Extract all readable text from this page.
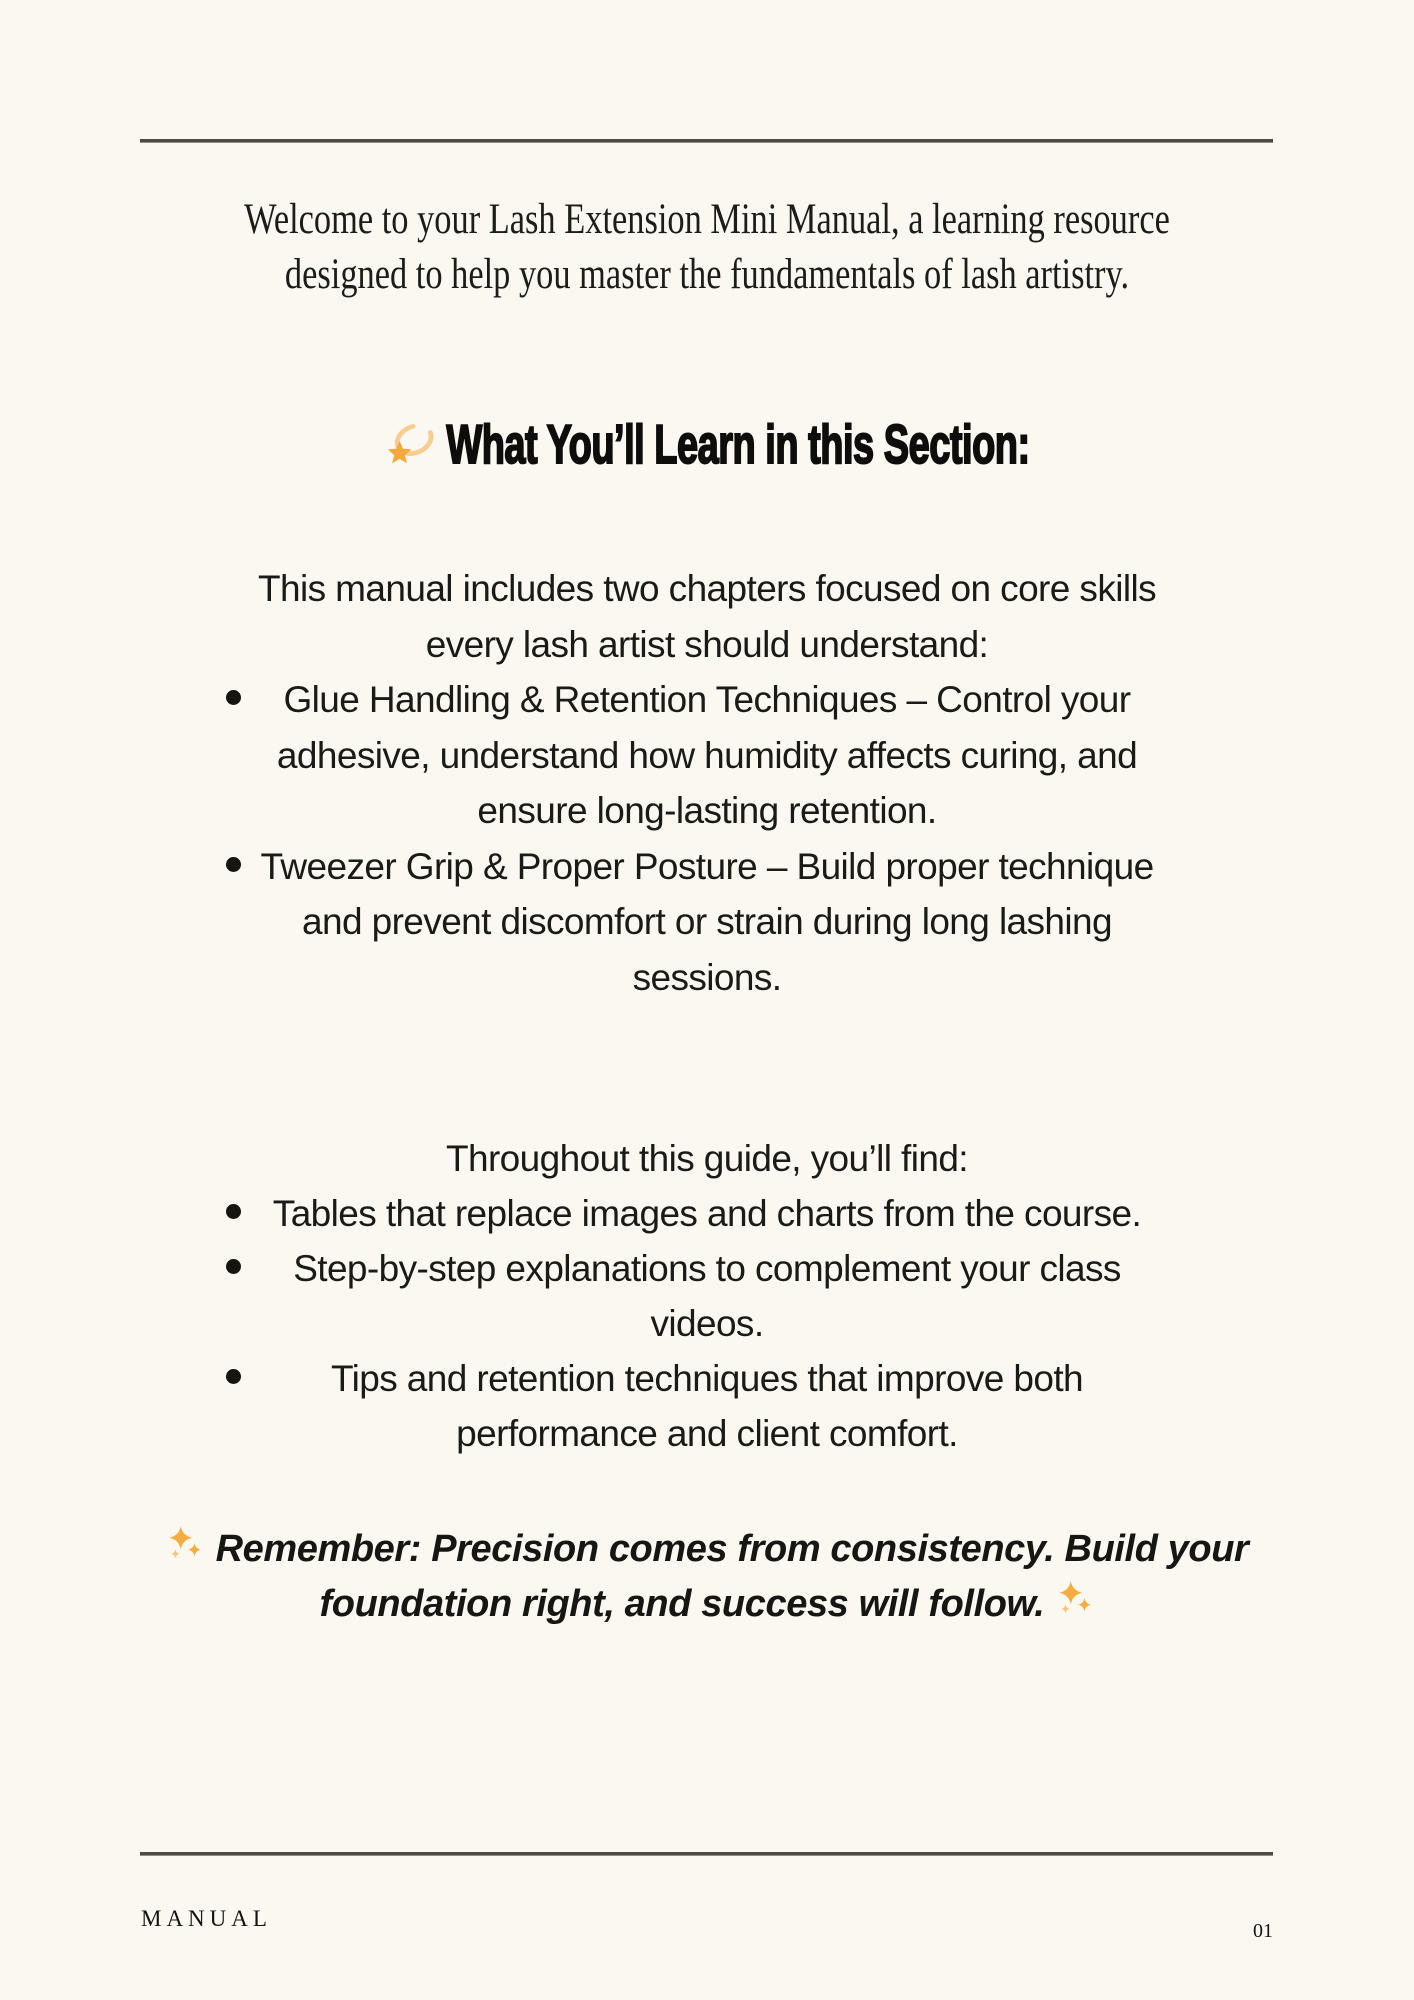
Welcome to your Lash Extension Mini Manual, a learning resource
designed to help you master the fundamentals of lash artistry.
What You’ll Learn in this Section:
This manual includes two chapters focused on core skills
every lash artist should understand:
Glue Handling & Retention Techniques – Control your
adhesive, understand how humidity affects curing, and
ensure long-lasting retention.
Tweezer Grip & Proper Posture – Build proper technique
and prevent discomfort or strain during long lashing
sessions.
Throughout this guide, you’ll find:
Tables that replace images and charts from the course.
Step-by-step explanations to complement your class
videos.
Tips and retention techniques that improve both
performance and client comfort.
Remember: Precision comes from consistency. Build your
foundation right, and success will follow.
MANUAL	01
